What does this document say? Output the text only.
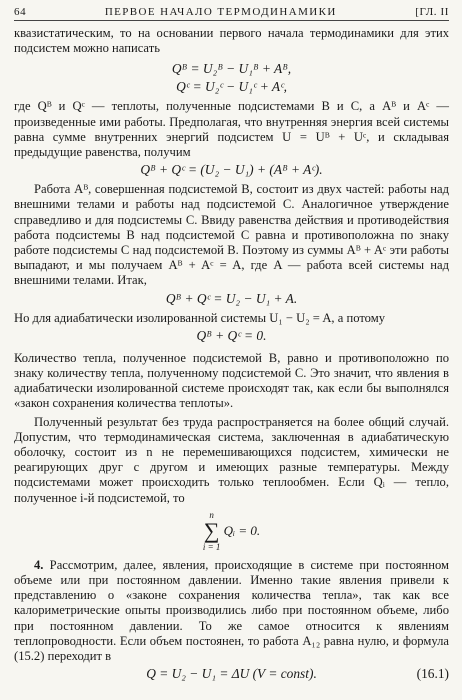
64	ПЕРВОЕ НАЧАЛО ТЕРМОДИНАМИКИ	[ГЛ. II

квазистатическим, то на основании первого начала термодинамики для этих подсистем можно написать

Qᴮ = U₂ᴮ − U₁ᴮ + Aᴮ,
Qᶜ = U₂ᶜ − U₁ᶜ + Aᶜ,

где Qᴮ и Qᶜ — теплоты, полученные подсистемами B и C, а Aᴮ и Aᶜ — произведенные ими работы. Предполагая, что внутренняя энергия всей системы равна сумме внутренних энергий подсистем U = Uᴮ + Uᶜ, и складывая предыдущие равенства, получим

Qᴮ + Qᶜ = (U₂ − U₁) + (Aᴮ + Aᶜ).

Работа Aᴮ, совершенная подсистемой B, состоит из двух частей: работы над внешними телами и работы над подсистемой C. Аналогичное утверждение справедливо и для подсистемы C. Ввиду равенства действия и противодействия работа подсистемы B над подсистемой C равна и противоположна по знаку работе подсистемы C над подсистемой B. Поэтому из суммы Aᴮ + Aᶜ эти работы выпадают, и мы получаем Aᴮ + Aᶜ = A, где A — работа всей системы над внешними телами. Итак,

Qᴮ + Qᶜ = U₂ − U₁ + A.

Но для адиабатически изолированной системы U₁ − U₂ = A, а потому

Qᴮ + Qᶜ = 0.

Количество тепла, полученное подсистемой B, равно и противоположно по знаку количеству тепла, полученному подсистемой C. Это значит, что явления в адиабатически изолированной системе происходят так, как если бы выполнялся «закон сохранения количества теплоты».

Полученный результат без труда распространяется на более общий случай. Допустим, что термодинамическая система, заключенная в адиабатическую оболочку, состоит из n не перемешивающихся подсистем, химически не реагирующих друг с другом и имеющих разные температуры. Между подсистемами может происходить только теплообмен. Если Qᵢ — тепло, полученное i-й подсистемой, то

n
∑
i = 1
Qᵢ = 0.

4. Рассмотрим, далее, явления, происходящие в системе при постоянном объеме или при постоянном давлении. Именно такие явления привели к представлению о «законе сохранения количества тепла», так как все калориметрические опыты производились либо при постоянном объеме, либо при постоянном давлении. То же самое относится к явлениям теплопроводности. Если объем постоянен, то работа A₁₂ равна нулю, и формула (15.2) переходит в

Q = U₂ − U₁ = ΔU (V = const).	(16.1)
